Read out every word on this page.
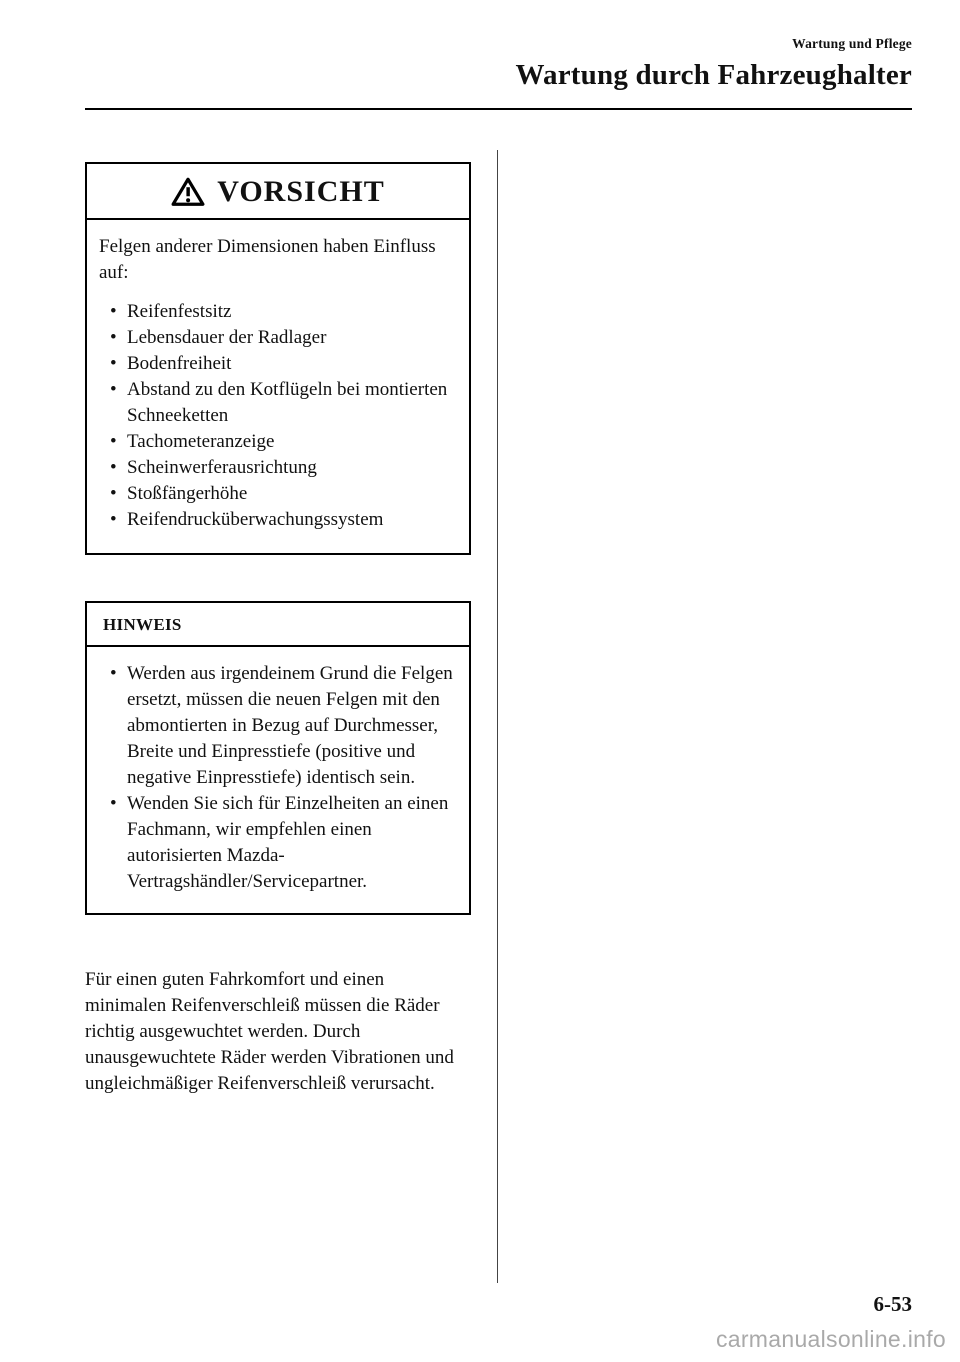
Wartung und Pflege
Wartung durch Fahrzeughalter
VORSICHT

Felgen anderer Dimensionen haben Einfluss auf:

• Reifenfestsitz
• Lebensdauer der Radlager
• Bodenfreiheit
• Abstand zu den Kotflügeln bei montierten Schneeketten
• Tachometeranzeige
• Scheinwerferausrichtung
• Stoßfängerhöhe
• Reifendrucküberwachungssystem
HINWEIS
• Werden aus irgendeinem Grund die Felgen ersetzt, müssen die neuen Felgen mit den abmontierten in Bezug auf Durchmesser, Breite und Einpresstiefe (positive und negative Einpresstiefe) identisch sein.
• Wenden Sie sich für Einzelheiten an einen Fachmann, wir empfehlen einen autorisierten Mazda-Vertragshändler/Servicepartner.

Für einen guten Fahrkomfort und einen minimalen Reifenverschleiß müssen die Räder richtig ausgewuchtet werden. Durch unausgewuchtete Räder werden Vibrationen und ungleichmäßiger Reifenverschleiß verursacht.

6-53
carmanualsonline.info
